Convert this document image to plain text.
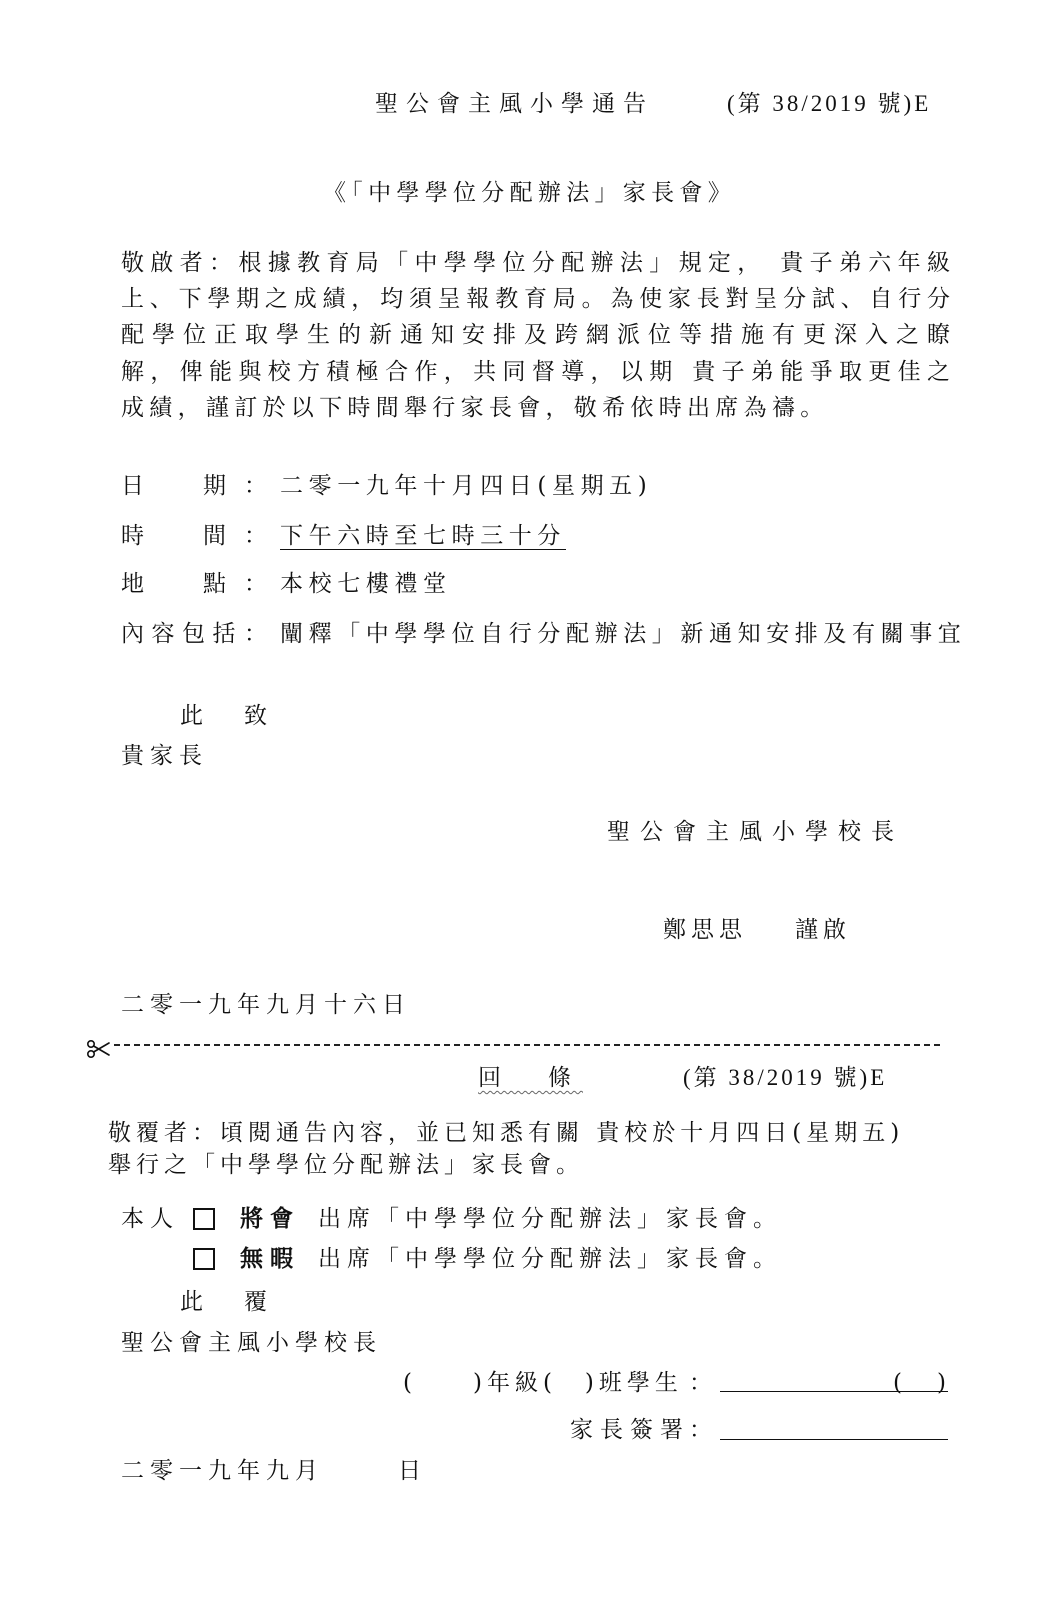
聖公會主風小學通告	(第 38/2019 號)E
《「中學學位分配辦法」家長會》
敬啟者：根據教育局「中學學位分配辦法」規定， 貴子弟六年級
上、下學期之成績，均須呈報教育局。為使家長對呈分試、自行分
配學位正取學生的新通知安排及跨網派位等措施有更深入之瞭
解，俾能與校方積極合作，共同督導，以期 貴子弟能爭取更佳之
成績，謹訂於以下時間舉行家長會，敬希依時出席為禱。
日　　期 ： 二零一九年十月四日(星期五)
時　　間 ： 下午六時至七時三十分
地　　點 ： 本校七樓禮堂
內容包括 ： 闡釋「中學學位自行分配辦法」新通知安排及有關事宜
此　致
貴家長
聖公會主風小學校長
鄭思思 謹啟
二零一九年九月十六日
回　條	(第 38/2019 號)E
敬覆者：頃閱通告內容，並已知悉有關 貴校於十月四日(星期五)
舉行之「中學學位分配辦法」家長會。
本人	將會 出席「中學學位分配辦法」家長會。
無暇 出席「中學學位分配辦法」家長會。
此　覆
聖公會主風小學校長
(　　)年級(　)班學生 ：	(　)
家長簽署 ：
二零一九年九月	日
